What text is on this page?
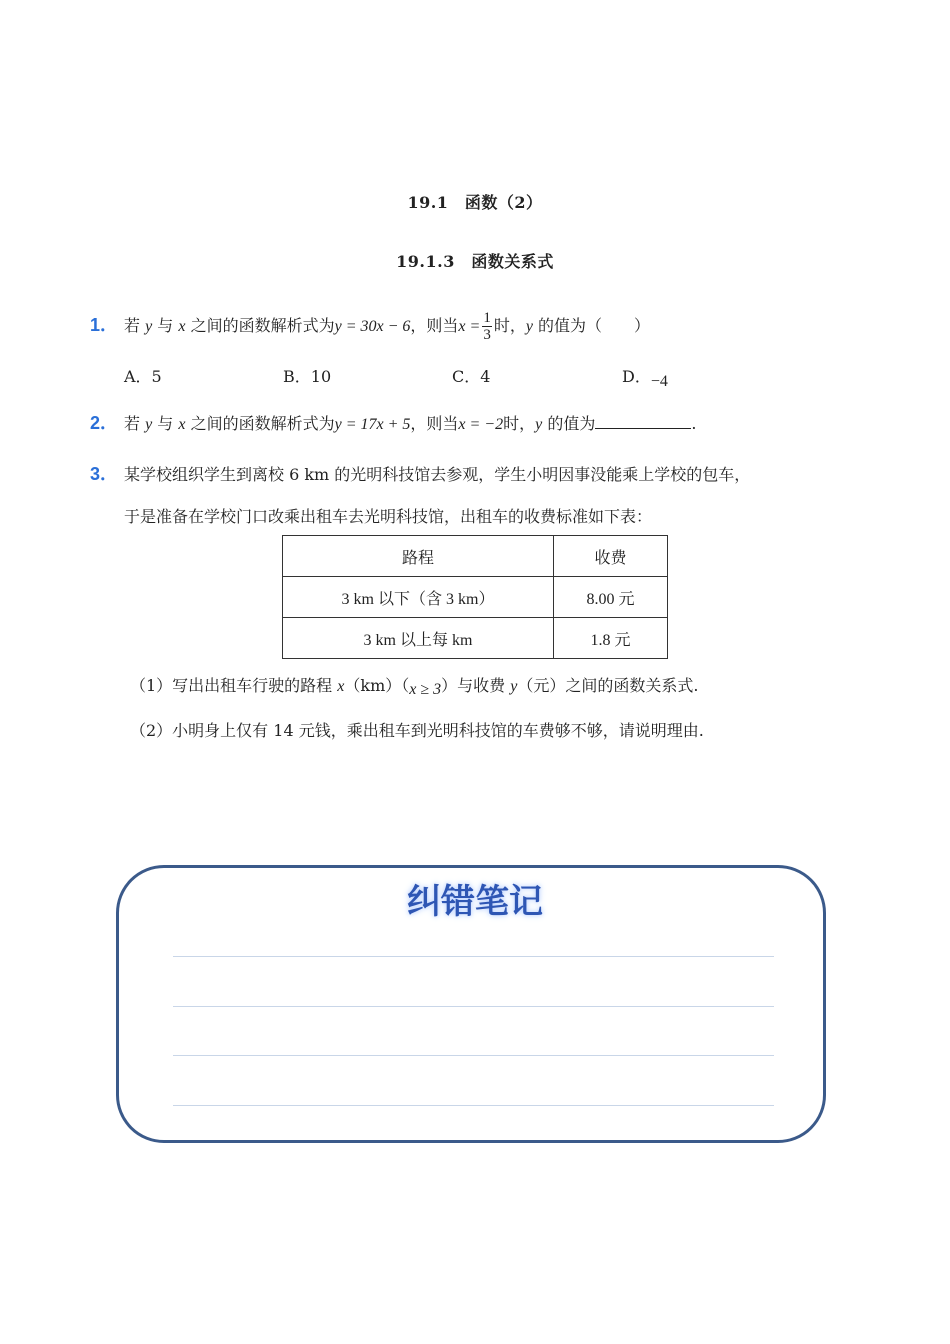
19.1　函数（2）
19.1.3　函数关系式
1． 若 y 与 x 之间的函数解析式为y = 30x − 6，则当$x = \frac{1}{3}$ 时，y 的值为（　　）
A．5	B．10	C．4	D．−4
2． 若 y 与 x 之间的函数解析式为y = 17x + 5，则当x = −2时，y 的值为	.
3． 某学校组织学生到离校 6 km 的光明科技馆去参观，学生小明因事没能乘上学校的包车，
于是准备在学校门口改乘出租车去光明科技馆，出租车的收费标准如下表：
路程	收费
3 km 以下（含 3 km）	8.00 元
3 km 以上每 km	1.8 元
（1）写出出租车行驶的路程 x（km）（x ≥ 3）与收费 y（元）之间的函数关系式.
（2）小明身上仅有 14 元钱，乘出租车到光明科技馆的车费够不够，请说明理由.
纠错笔记
